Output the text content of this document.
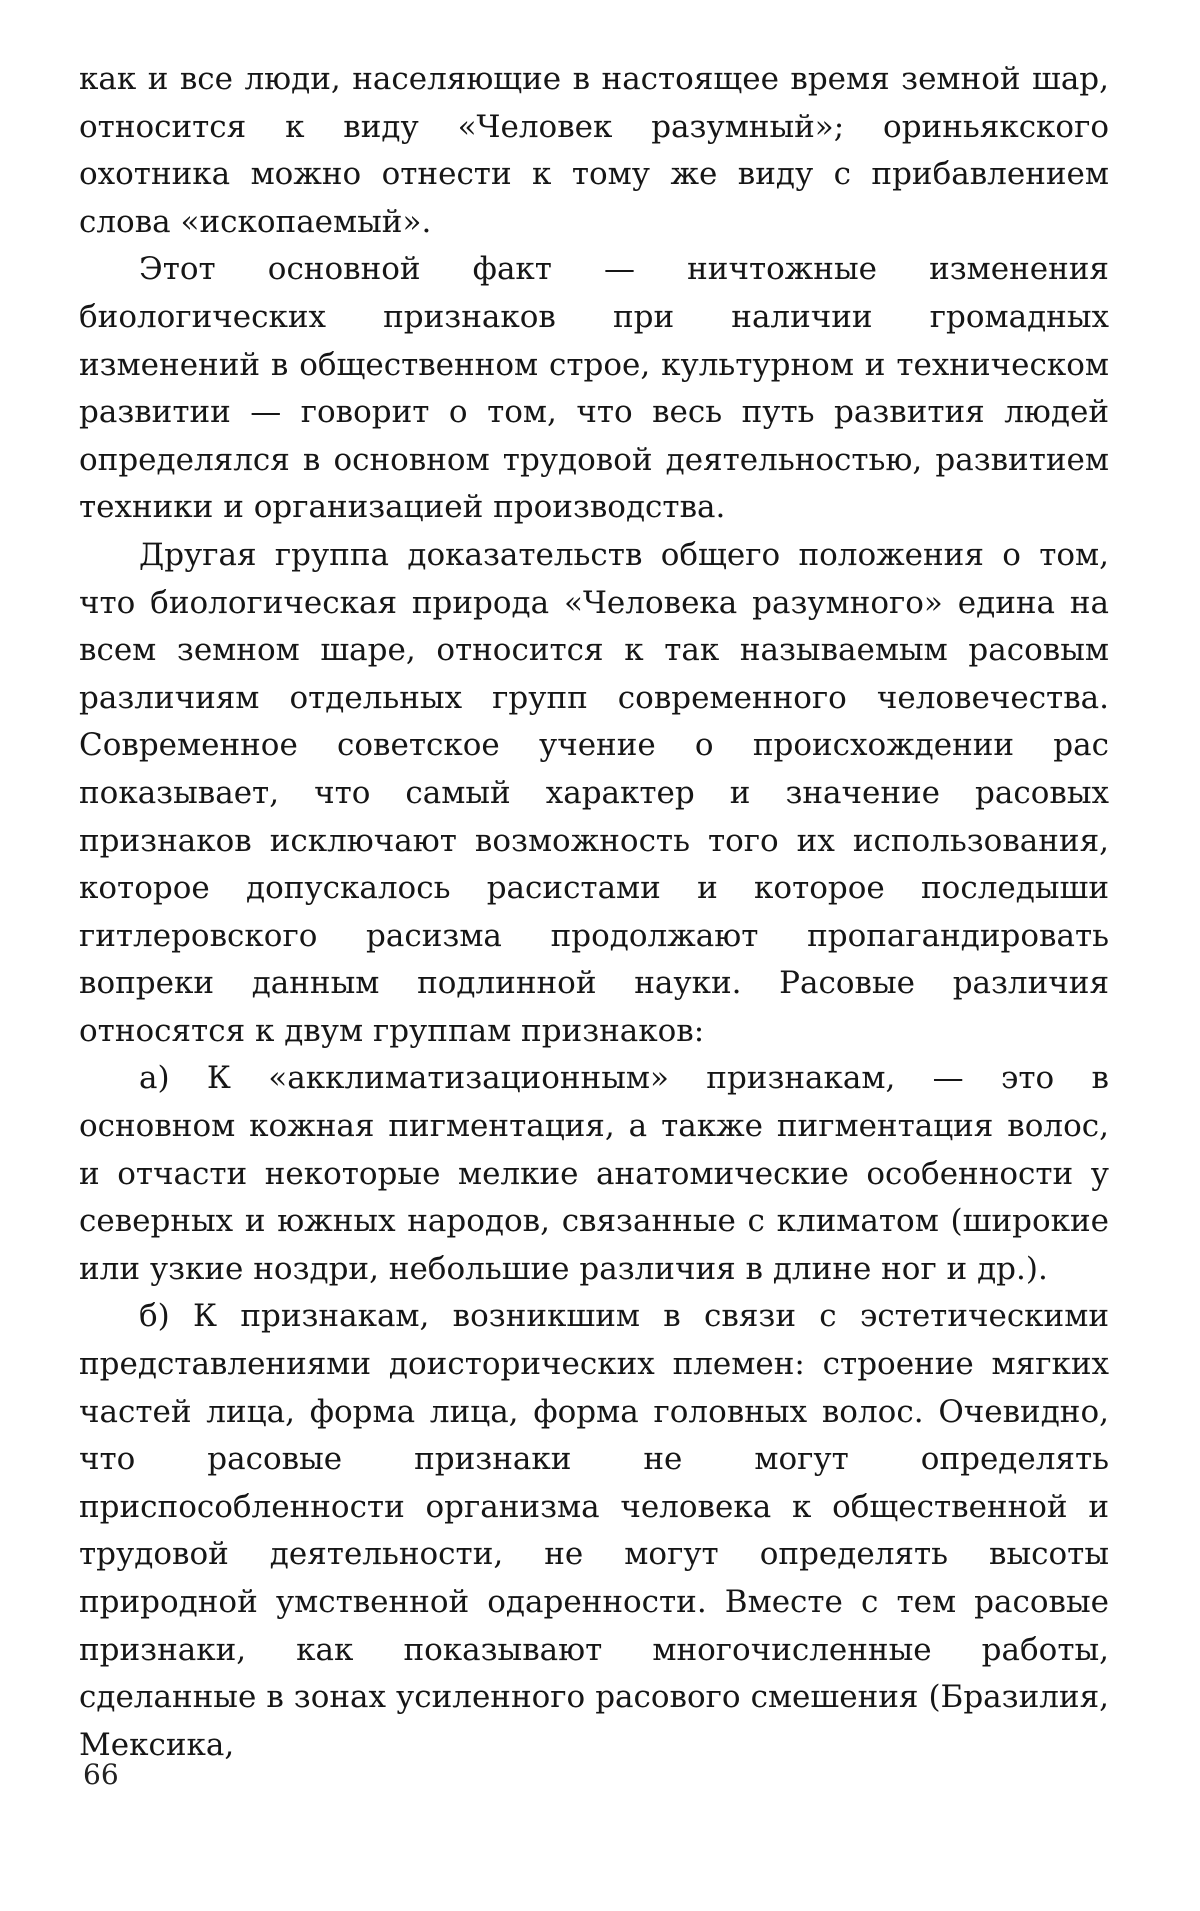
как и все люди, населяющие в настоящее время земной шар, относится к виду «Человек разумный»; ориньякского охотника можно отнести к тому же виду с прибавлением слова «ископаемый».

Этот основной факт — ничтожные изменения биологических признаков при наличии громадных изменений в общественном строе, культурном и техническом развитии — говорит о том, что весь путь развития людей определялся в основном трудовой деятельностью, развитием техники и организацией производства.

Другая группа доказательств общего положения о том, что биологическая природа «Человека разумного» едина на всем земном шаре, относится к так называемым расовым различиям отдельных групп современного человечества. Современное советское учение о происхождении рас показывает, что самый характер и значение расовых признаков исключают возможность того их использования, которое допускалось расистами и которое последыши гитлеровского расизма продолжают пропагандировать вопреки данным подлинной науки. Расовые различия относятся к двум группам признаков:

а) К «акклиматизационным» признакам, — это в основном кожная пигментация, а также пигментация волос, и отчасти некоторые мелкие анатомические особенности у северных и южных народов, связанные с климатом (широкие или узкие ноздри, небольшие различия в длине ног и др.).

б) К признакам, возникшим в связи с эстетическими представлениями доисторических племен: строение мягких частей лица, форма лица, форма головных волос. Очевидно, что расовые признаки не могут определять приспособленности организма человека к общественной и трудовой деятельности, не могут определять высоты природной умственной одаренности. Вместе с тем расовые признаки, как показывают многочисленные работы, сделанные в зонах усиленного расового смешения (Бразилия, Мексика,

66
